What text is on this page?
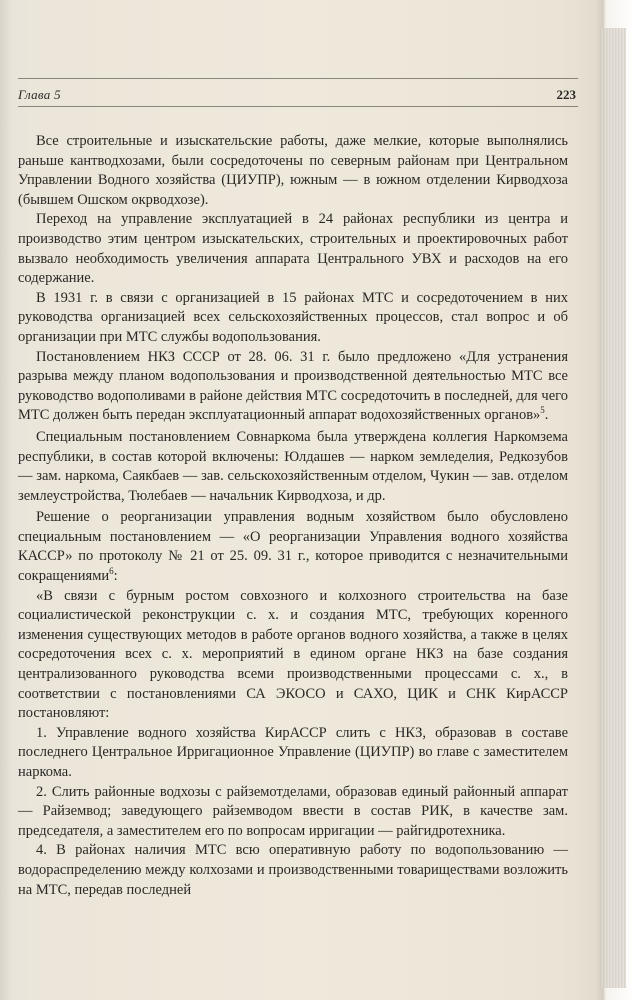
Глава 5	223

Все строительные и изыскательские работы, даже мелкие, которые выполнялись раньше кантводхозами, были сосредоточены по северным районам при Центральном Управлении Водного хозяйства (ЦИУПР), южным — в южном отделении Кирводхоза (бывшем Ошском окрводхозе).

Переход на управление эксплуатацией в 24 районах республики из центра и производство этим центром изыскательских, строительных и проектировочных работ вызвало необходимость увеличения аппарата Центрального УВХ и расходов на его содержание.

В 1931 г. в связи с организацией в 15 районах МТС и сосредоточением в них руководства организацией всех сельскохозяйственных процессов, стал вопрос и об организации при МТС службы водопользования.

Постановлением НКЗ СССР от 28. 06. 31 г. было предложено «Для устранения разрыва между планом водопользования и производственной деятельностью МТС все руководство водополивами в районе действия МТС сосредоточить в последней, для чего МТС должен быть передан эксплуатационный аппарат водохозяйственных органов»$^5$.

Специальным постановлением Совнаркома была утверждена коллегия Наркомзема республики, в состав которой включены: Юлдашев — нарком земледелия, Редкозубов — зам. наркома, Саякбаев — зав. сельскохозяйственным отделом, Чукин — зав. отделом землеустройства, Тюлебаев — начальник Кирводхоза, и др.

Решение о реорганизации управления водным хозяйством было обусловлено специальным постановлением — «О реорганизации Управления водного хозяйства КАССР» по протоколу № 21 от 25. 09. 31 г., которое приводится с незначительными сокращениями$^6$:

«В связи с бурным ростом совхозного и колхозного строительства на базе социалистической реконструкции с. х. и создания МТС, требующих коренного изменения существующих методов в работе органов водного хозяйства, а также в целях сосредоточения всех с. х. мероприятий в едином органе НКЗ на базе создания централизованного руководства всеми производственными процессами с. х., в соответствии с постановлениями СА ЭКОСО и САХО, ЦИК и СНК КирАССР постановляют:

1. Управление водного хозяйства КирАССР слить с НКЗ, образовав в составе последнего Центральное Ирригационное Управление (ЦИУПР) во главе с заместителем наркома.

2. Слить районные водхозы с райземотделами, образовав единый районный аппарат — Райземвод; заведующего райземводом ввести в состав РИК, в качестве зам. председателя, а заместителем его по вопросам ирригации — райгидротехника.

4. В районах наличия МТС всю оперативную работу по водопользованию — водораспределению между колхозами и производственными товариществами возложить на МТС, передав последней
